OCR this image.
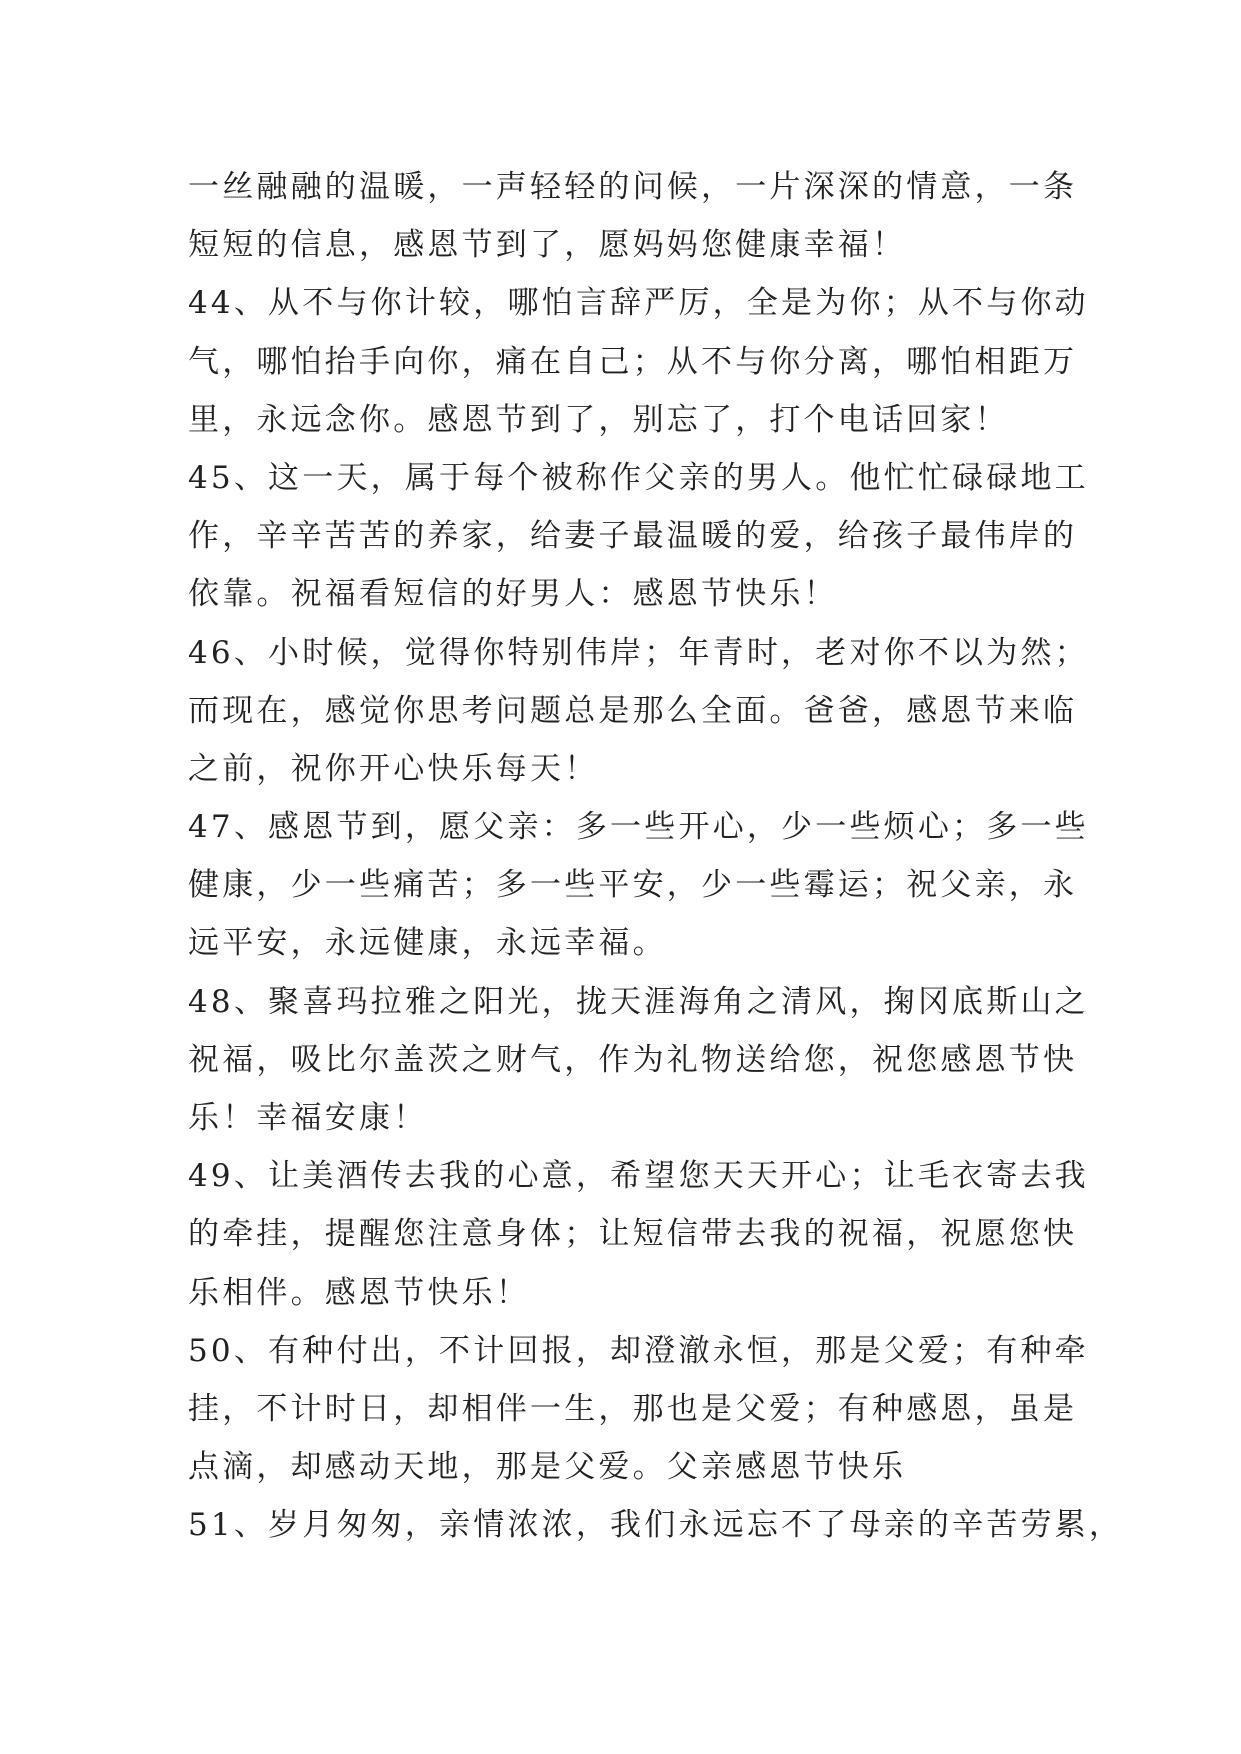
一丝融融的温暖，一声轻轻的问候，一片深深的情意，一条
短短的信息，感恩节到了，愿妈妈您健康幸福！
44、从不与你计较，哪怕言辞严厉，全是为你；从不与你动
气，哪怕抬手向你，痛在自己；从不与你分离，哪怕相距万
里，永远念你。感恩节到了，别忘了，打个电话回家！
45、这一天，属于每个被称作父亲的男人。他忙忙碌碌地工
作，辛辛苦苦的养家，给妻子最温暖的爱，给孩子最伟岸的
依靠。祝福看短信的好男人：感恩节快乐！
46、小时候，觉得你特别伟岸；年青时，老对你不以为然；
而现在，感觉你思考问题总是那么全面。爸爸，感恩节来临
之前，祝你开心快乐每天！
47、感恩节到，愿父亲：多一些开心，少一些烦心；多一些
健康，少一些痛苦；多一些平安，少一些霉运；祝父亲，永
远平安，永远健康，永远幸福。
48、聚喜玛拉雅之阳光，拢天涯海角之清风，掬冈底斯山之
祝福，吸比尔盖茨之财气，作为礼物送给您，祝您感恩节快
乐！幸福安康！
49、让美酒传去我的心意，希望您天天开心；让毛衣寄去我
的牵挂，提醒您注意身体；让短信带去我的祝福，祝愿您快
乐相伴。感恩节快乐！
50、有种付出，不计回报，却澄澈永恒，那是父爱；有种牵
挂，不计时日，却相伴一生，那也是父爱；有种感恩，虽是
点滴，却感动天地，那是父爱。父亲感恩节快乐
51、岁月匆匆，亲情浓浓，我们永远忘不了母亲的辛苦劳累，
